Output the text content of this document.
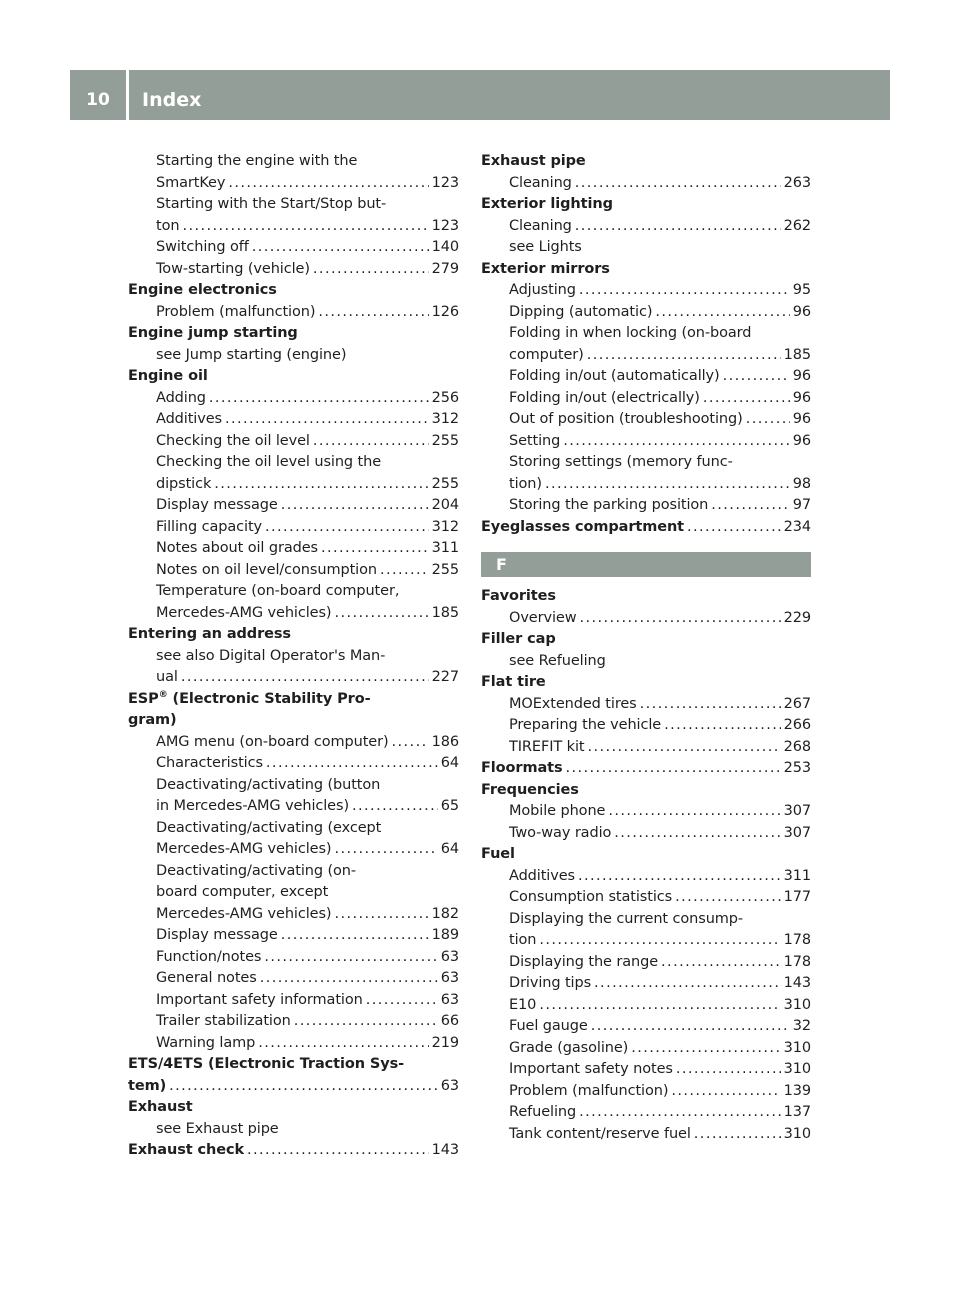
10	Index
Starting the engine with the
SmartKey .....	123
Starting with the Start/Stop but-
ton .....	123
Switching off .....	140
Tow-starting (vehicle) .....	279
Engine electronics
Problem (malfunction) .....	126
Engine jump starting
see Jump starting (engine)
Engine oil
Adding .....	256
Additives .....	312
Checking the oil level .....	255
Checking the oil level using the
dipstick .....	255
Display message .....	204
Filling capacity .....	312
Notes about oil grades .....	311
Notes on oil level/consumption .....	255
Temperature (on-board computer,
Mercedes-AMG vehicles) .....	185
Entering an address
see also Digital Operator's Man-
ual .....	227
ESP® (Electronic Stability Pro-
gram)
AMG menu (on-board computer) .....	186
Characteristics .....	64
Deactivating/activating (button
in Mercedes-AMG vehicles) .....	65
Deactivating/activating (except
Mercedes-AMG vehicles) .....	64
Deactivating/activating (on-
board computer, except
Mercedes-AMG vehicles) .....	182
Display message .....	189
Function/notes .....	63
General notes .....	63
Important safety information .....	63
Trailer stabilization .....	66
Warning lamp .....	219
ETS/4ETS (Electronic Traction Sys-
tem) .....	63
Exhaust
see Exhaust pipe
Exhaust check .....	143
Exhaust pipe
Cleaning .....	263
Exterior lighting
Cleaning .....	262
see Lights
Exterior mirrors
Adjusting .....	95
Dipping (automatic) .....	96
Folding in when locking (on-board
computer) .....	185
Folding in/out (automatically) .....	96
Folding in/out (electrically) .....	96
Out of position (troubleshooting) .....	96
Setting .....	96
Storing settings (memory func-
tion) .....	98
Storing the parking position .....	97
Eyeglasses compartment .....	234
F
Favorites
Overview .....	229
Filler cap
see Refueling
Flat tire
MOExtended tires .....	267
Preparing the vehicle .....	266
TIREFIT kit .....	268
Floormats .....	253
Frequencies
Mobile phone .....	307
Two-way radio .....	307
Fuel
Additives .....	311
Consumption statistics .....	177
Displaying the current consump-
tion .....	178
Displaying the range .....	178
Driving tips .....	143
E10 .....	310
Fuel gauge .....	32
Grade (gasoline) .....	310
Important safety notes .....	310
Problem (malfunction) .....	139
Refueling .....	137
Tank content/reserve fuel .....	310
